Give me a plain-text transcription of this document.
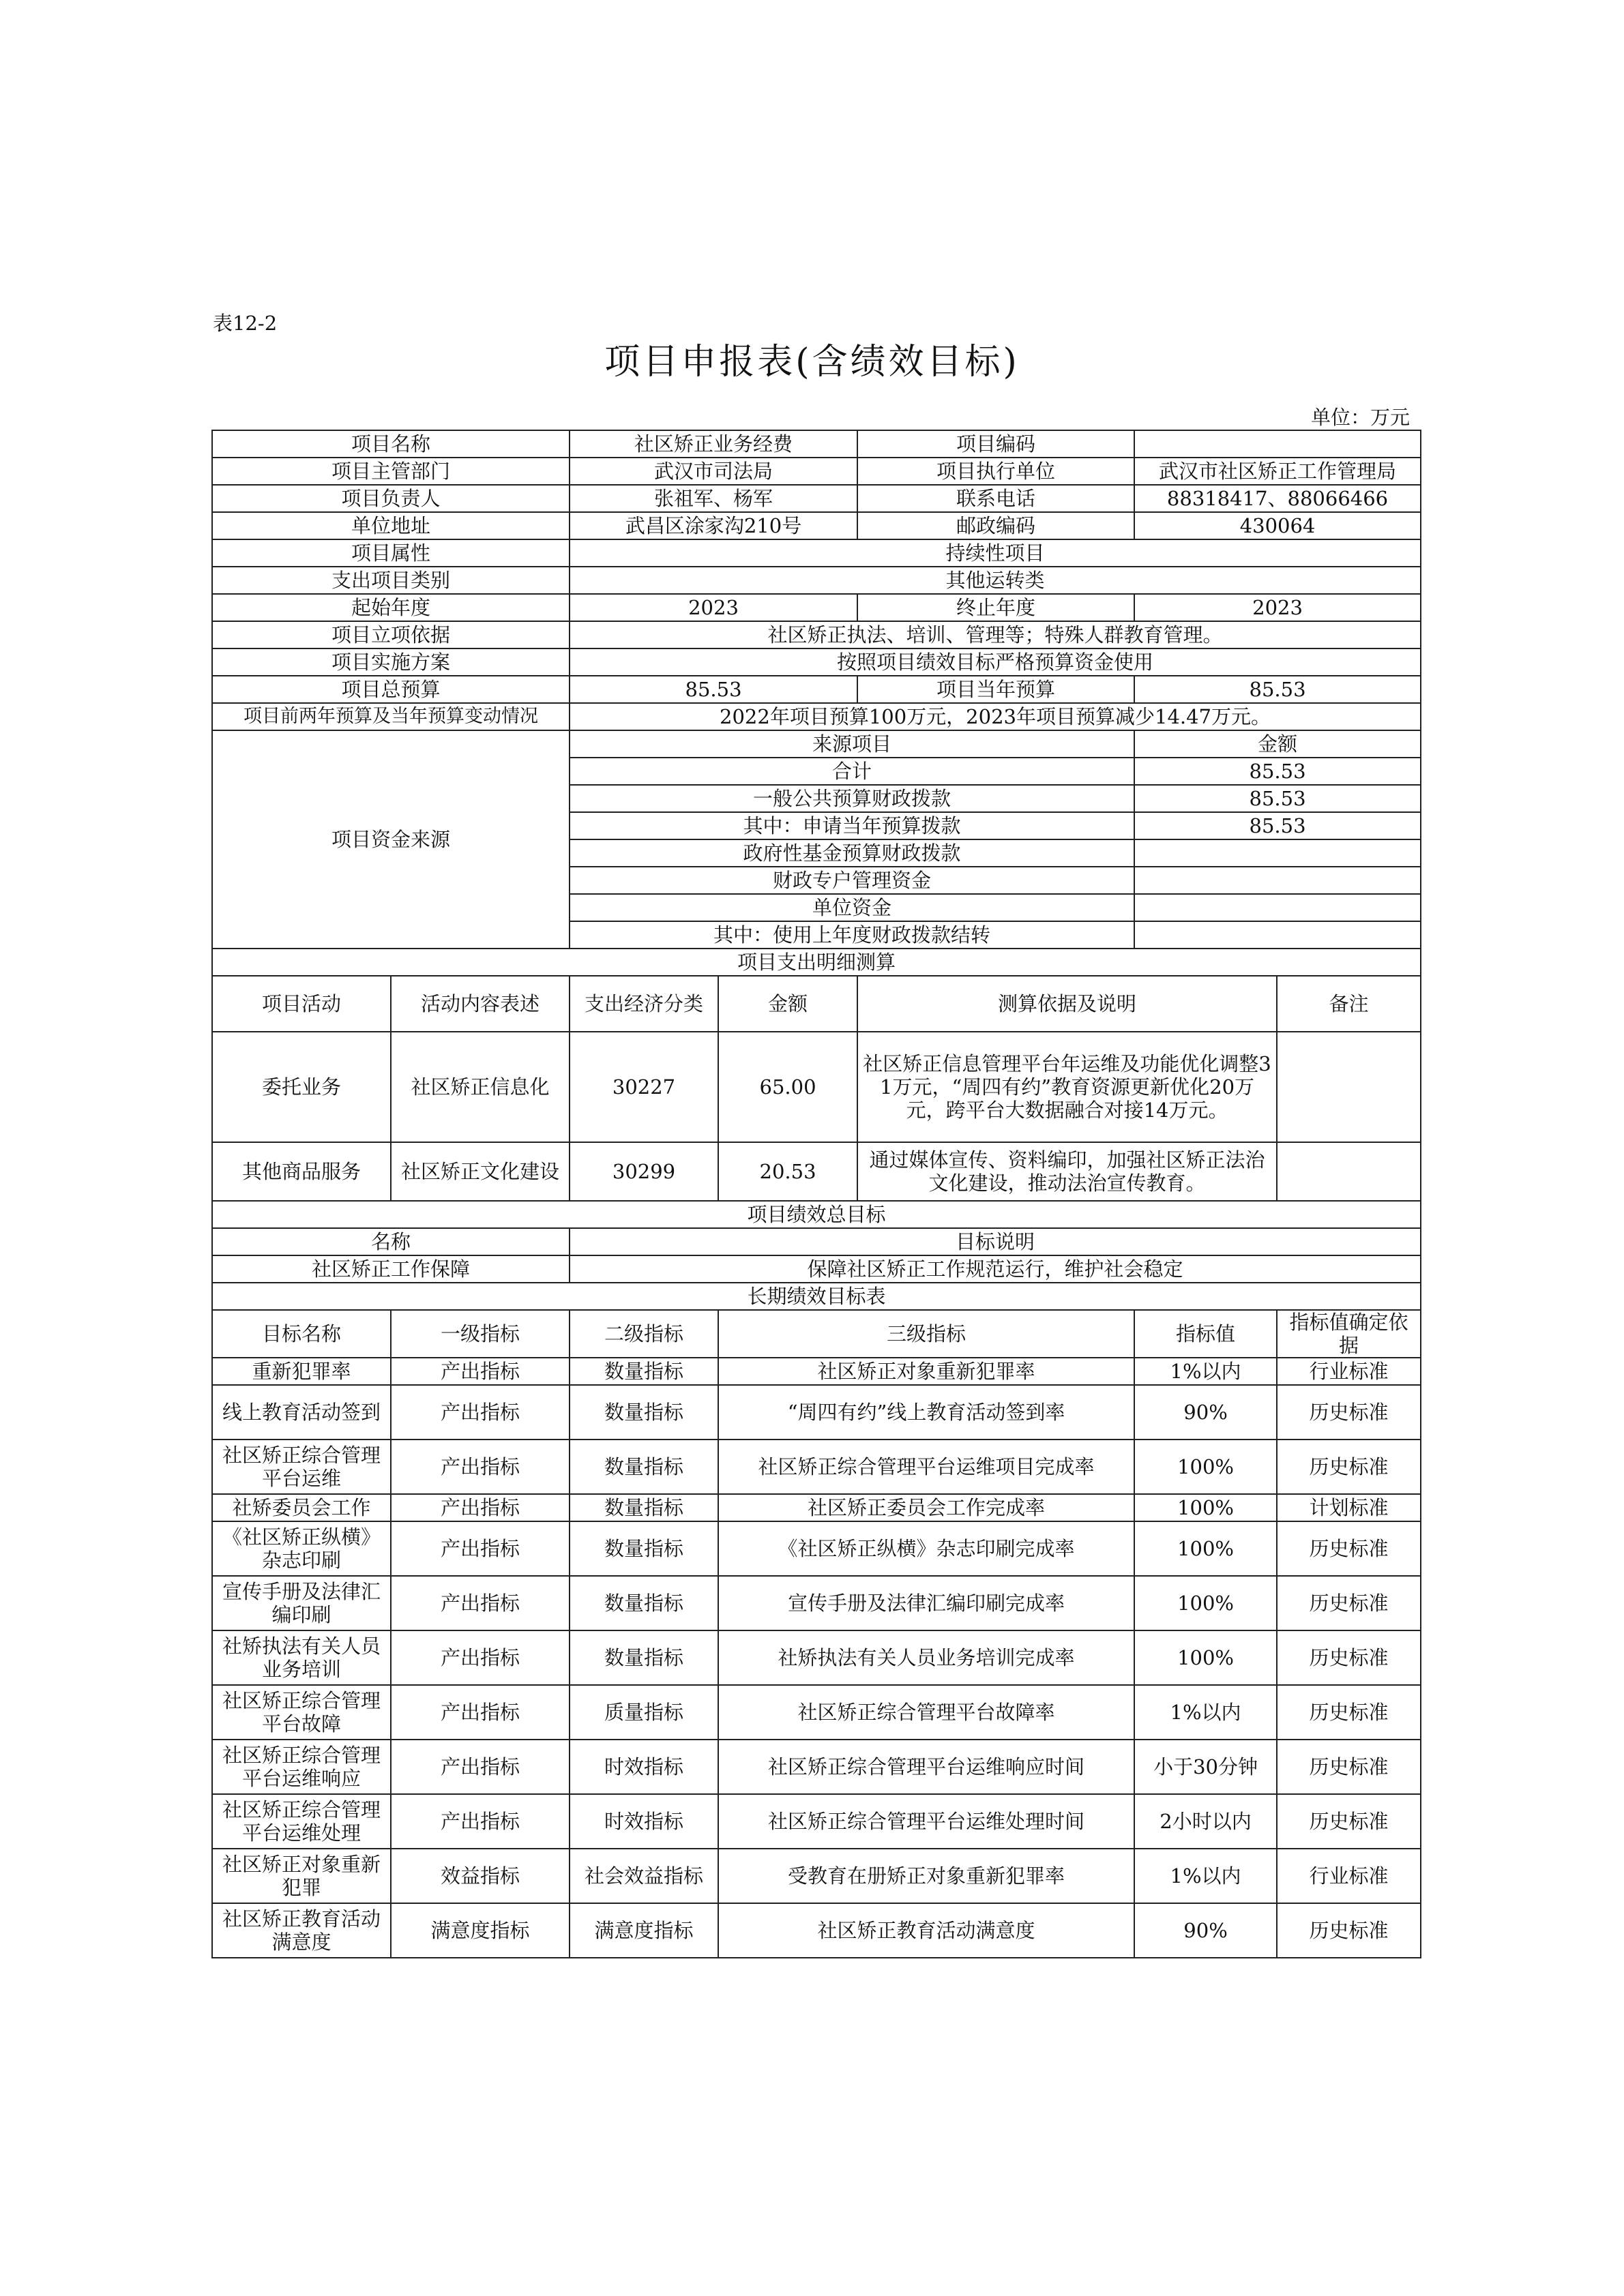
表12-2
项目申报表(含绩效目标)
单位：万元
项目名称		社区矫正业务经费		项目编码		
项目主管部门		武汉市司法局		项目执行单位	武汉市社区矫正工作管理局	
项目负责人		张祖军、杨军		联系电话	88318417、88066466	
单位地址		武昌区涂家沟210号		邮政编码	430064	
项目属性		持续性项目				
支出项目类别		其他运转类				
起始年度		2023		终止年度	2023	
项目立项依据		社区矫正执法、培训、管理等；特殊人群教育管理。				
项目实施方案		按照项目绩效目标严格预算资金使用				
项目总预算		85.53		项目当年预算	85.53	
项目前两年预算及当年预算变动情况		2022年项目预算100万元，2023年项目预算减少14.47万元。				
项目资金来源		来源项目			金额	
		合计			85.53	
		一般公共预算财政拨款			85.53	
		其中：申请当年预算拨款			85.53	
		政府性基金预算财政拨款				
		财政专户管理资金				
		单位资金				
		其中：使用上年度财政拨款结转				
项目支出明细测算						
项目活动	活动内容表述	支出经济分类	金额	测算依据及说明		备注
委托业务	社区矫正信息化	30227	65.00	社区矫正信息管理平台年运维及功能优化调整31万元，“周四有约”教育资源更新优化20万元，跨平台大数据融合对接14万元。		
其他商品服务	社区矫正文化建设	30299	20.53	通过媒体宣传、资料编印，加强社区矫正法治文化建设，推动法治宣传教育。		
项目绩效总目标						
名称		目标说明				
社区矫正工作保障		保障社区矫正工作规范运行，维护社会稳定				
长期绩效目标表						
目标名称	一级指标	二级指标	三级指标		指标值	指标值确定依据
重新犯罪率	产出指标	数量指标	社区矫正对象重新犯罪率		1%以内	行业标准
线上教育活动签到	产出指标	数量指标	“周四有约”线上教育活动签到率		90%	历史标准
社区矫正综合管理平台运维	产出指标	数量指标	社区矫正综合管理平台运维项目完成率		100%	历史标准
社矫委员会工作	产出指标	数量指标	社区矫正委员会工作完成率		100%	计划标准
《社区矫正纵横》杂志印刷	产出指标	数量指标	《社区矫正纵横》杂志印刷完成率		100%	历史标准
宣传手册及法律汇编印刷	产出指标	数量指标	宣传手册及法律汇编印刷完成率		100%	历史标准
社矫执法有关人员业务培训	产出指标	数量指标	社矫执法有关人员业务培训完成率		100%	历史标准
社区矫正综合管理平台故障	产出指标	质量指标	社区矫正综合管理平台故障率		1%以内	历史标准
社区矫正综合管理平台运维响应	产出指标	时效指标	社区矫正综合管理平台运维响应时间		小于30分钟	历史标准
社区矫正综合管理平台运维处理	产出指标	时效指标	社区矫正综合管理平台运维处理时间		2小时以内	历史标准
社区矫正对象重新犯罪	效益指标	社会效益指标	受教育在册矫正对象重新犯罪率		1%以内	行业标准
社区矫正教育活动满意度	满意度指标	满意度指标	社区矫正教育活动满意度		90%	历史标准
